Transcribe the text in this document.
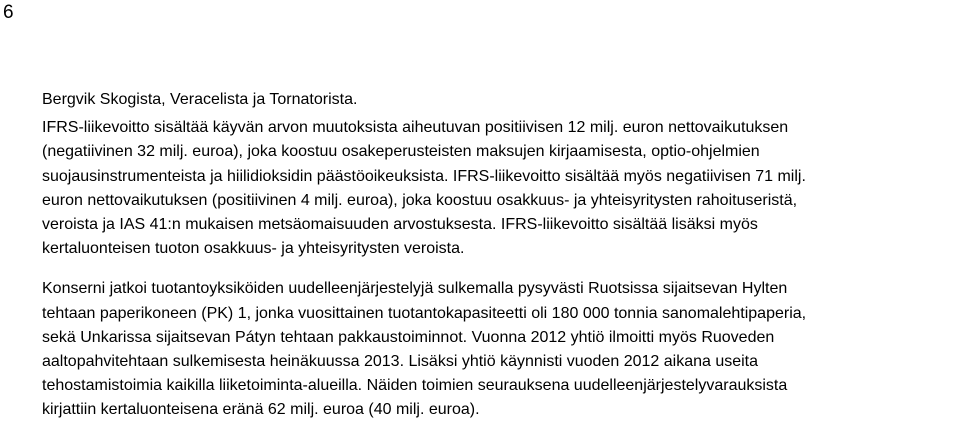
6
Bergvik Skogista, Veracelista ja Tornatorista.
IFRS-liikevoitto sisältää käyvän arvon muutoksista aiheutuvan positiivisen 12 milj. euron nettovaikutuksen
(negatiivinen 32 milj. euroa), joka koostuu osakeperusteisten maksujen kirjaamisesta, optio-ohjelmien
suojausinstrumenteista ja hiilidioksidin päästöoikeuksista. IFRS-liikevoitto sisältää myös negatiivisen 71 milj.
euron nettovaikutuksen (positiivinen 4 milj. euroa), joka koostuu osakkuus- ja yhteisyritysten rahoituseristä,
veroista ja IAS 41:n mukaisen metsäomaisuuden arvostuksesta. IFRS-liikevoitto sisältää lisäksi myös
kertaluonteisen tuoton osakkuus- ja yhteisyritysten veroista.
Konserni jatkoi tuotantoyksiköiden uudelleenjärjestelyjä sulkemalla pysyvästi Ruotsissa sijaitsevan Hylten
tehtaan paperikoneen (PK) 1, jonka vuosittainen tuotantokapasiteetti oli 180 000 tonnia sanomalehtipaperia,
sekä Unkarissa sijaitsevan Pátyn tehtaan pakkaustoiminnot. Vuonna 2012 yhtiö ilmoitti myös Ruoveden
aaltopahvitehtaan sulkemisesta heinäkuussa 2013. Lisäksi yhtiö käynnisti vuoden 2012 aikana useita
tehostamistoimia kaikilla liiketoiminta-alueilla. Näiden toimien seurauksena uudelleenjärjestelyvarauksista
kirjattiin kertaluonteisena eränä 62 milj. euroa (40 milj. euroa).
